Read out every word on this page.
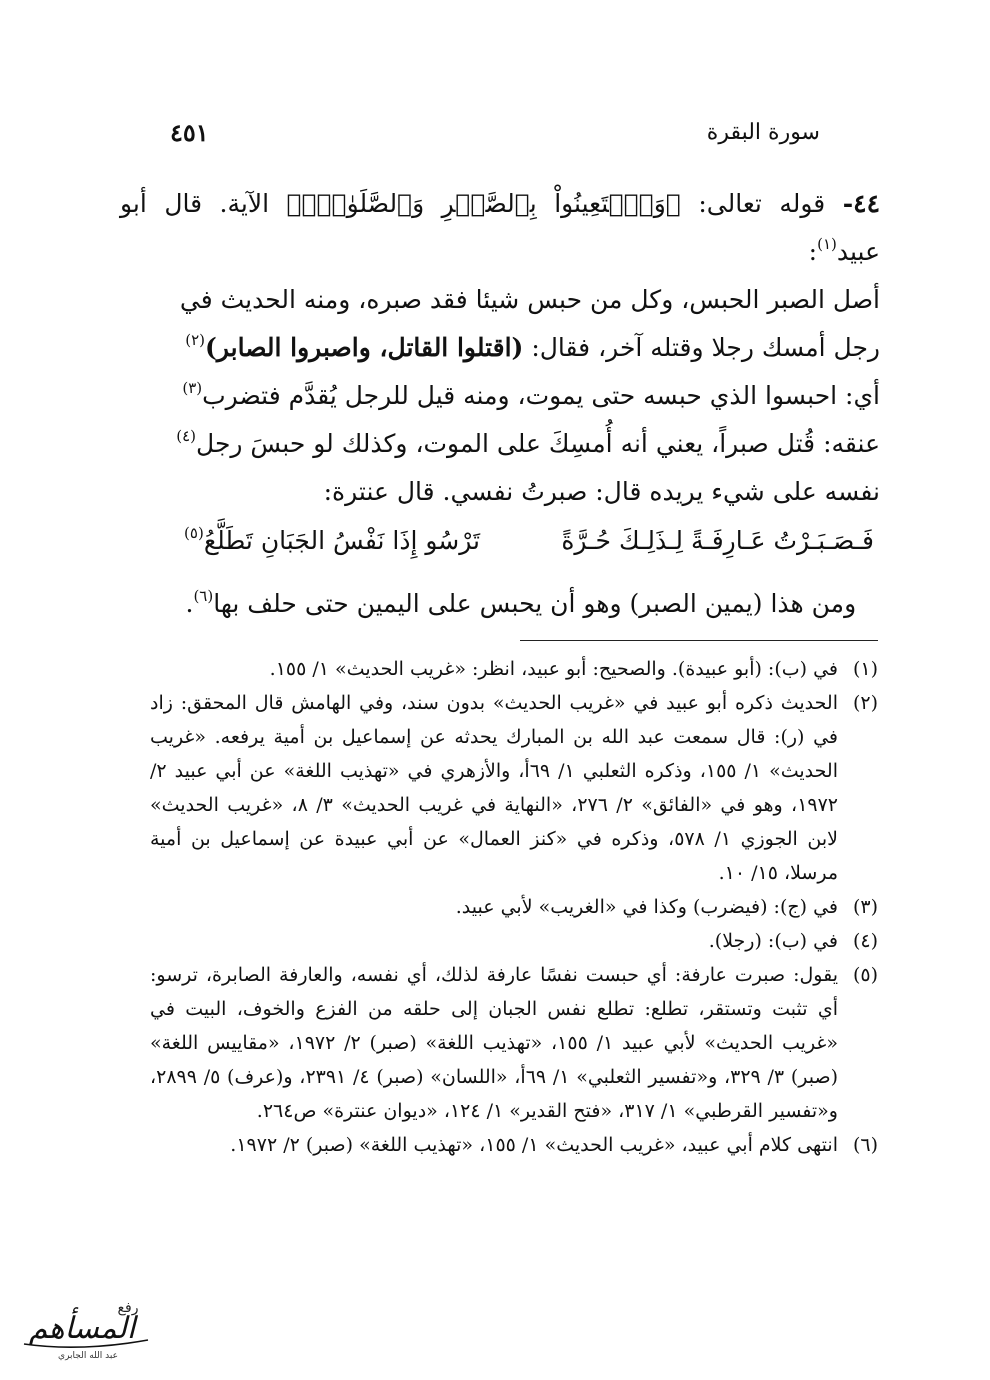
سورة البقرة
٤٥١

٤٤- قوله تعالى: ﴿وَٱسۡتَعِينُواْ بِٱلصَّبۡرِ وَٱلصَّلَوٰةِۚ﴾ الآية. قال أبو عبيد$^{(١)}$:

أصل الصبر الحبس، وكل من حبس شيئا فقد صبره، ومنه الحديث في

رجل أمسك رجلا وقتله آخر، فقال: (اقتلوا القاتل، واصبروا الصابر)$^{(٢)}$

أي: احبسوا الذي حبسه حتى يموت، ومنه قيل للرجل يُقدَّم فتضرب$^{(٣)}$

عنقه: قُتل صبراً، يعني أنه أُمسِكَ على الموت، وكذلك لو حبسَ رجل$^{(٤)}$

نفسه على شيء يريده قال: صبرتُ نفسي. قال عنترة:

فَـصَـبَـرْتُ عَـارِفَـةً لِـذَلِـكَ حُـرَّةً
تَرْسُو إِذَا نَفْسُ الجَبَانِ تَطَلَّعُ$^{(٥)}$

ومن هذا (يمين الصبر) وهو أن يحبس على اليمين حتى حلف بها$^{(٦)}$.

(١)
في (ب): (أبو عبيدة). والصحيح: أبو عبيد، انظر: «غريب الحديث» ١/ ١٥٥.
(٢)
الحديث ذكره أبو عبيد في «غريب الحديث» بدون سند، وفي الهامش قال المحقق: زاد في (ر): قال سمعت عبد الله بن المبارك يحدثه عن إسماعيل بن أمية يرفعه. «غريب الحديث» ١/ ١٥٥، وذكره الثعلبي ١/ ٦٩أ، والأزهري في «تهذيب اللغة» عن أبي عبيد ٢/ ١٩٧٢، وهو في «الفائق» ٢/ ٢٧٦، «النهاية في غريب الحديث» ٣/ ٨، «غريب الحديث» لابن الجوزي ١/ ٥٧٨، وذكره في «كنز العمال» عن أبي عبيدة عن إسماعيل بن أمية مرسلا، ١٥/ ١٠.
(٣)
في (ج): (فيضرب) وكذا في «الغريب» لأبي عبيد.
(٤)
في (ب): (رجلا).
(٥)
يقول: صبرت عارفة: أي حبست نفسًا عارفة لذلك، أي نفسه، والعارفة الصابرة، ترسو: أي تثبت وتستقر، تطلع: تطلع نفس الجبان إلى حلقه من الفزع والخوف، البيت في «غريب الحديث» لأبي عبيد ١/ ١٥٥، «تهذيب اللغة» (صبر) ٢/ ١٩٧٢، «مقاييس اللغة» (صبر) ٣/ ٣٢٩، و«تفسير الثعلبي» ١/ ٦٩أ، «اللسان» (صبر) ٤/ ٢٣٩١، و(عرف) ٥/ ٢٨٩٩، و«تفسير القرطبي» ١/ ٣١٧، «فتح القدير» ١/ ١٢٤، «ديوان عنترة» ص٢٦٤.
(٦)
انتهى كلام أبي عبيد، «غريب الحديث» ١/ ١٥٥، «تهذيب اللغة» (صبر) ٢/ ١٩٧٢.
رفع
المسأهم
عبد الله الجابري
